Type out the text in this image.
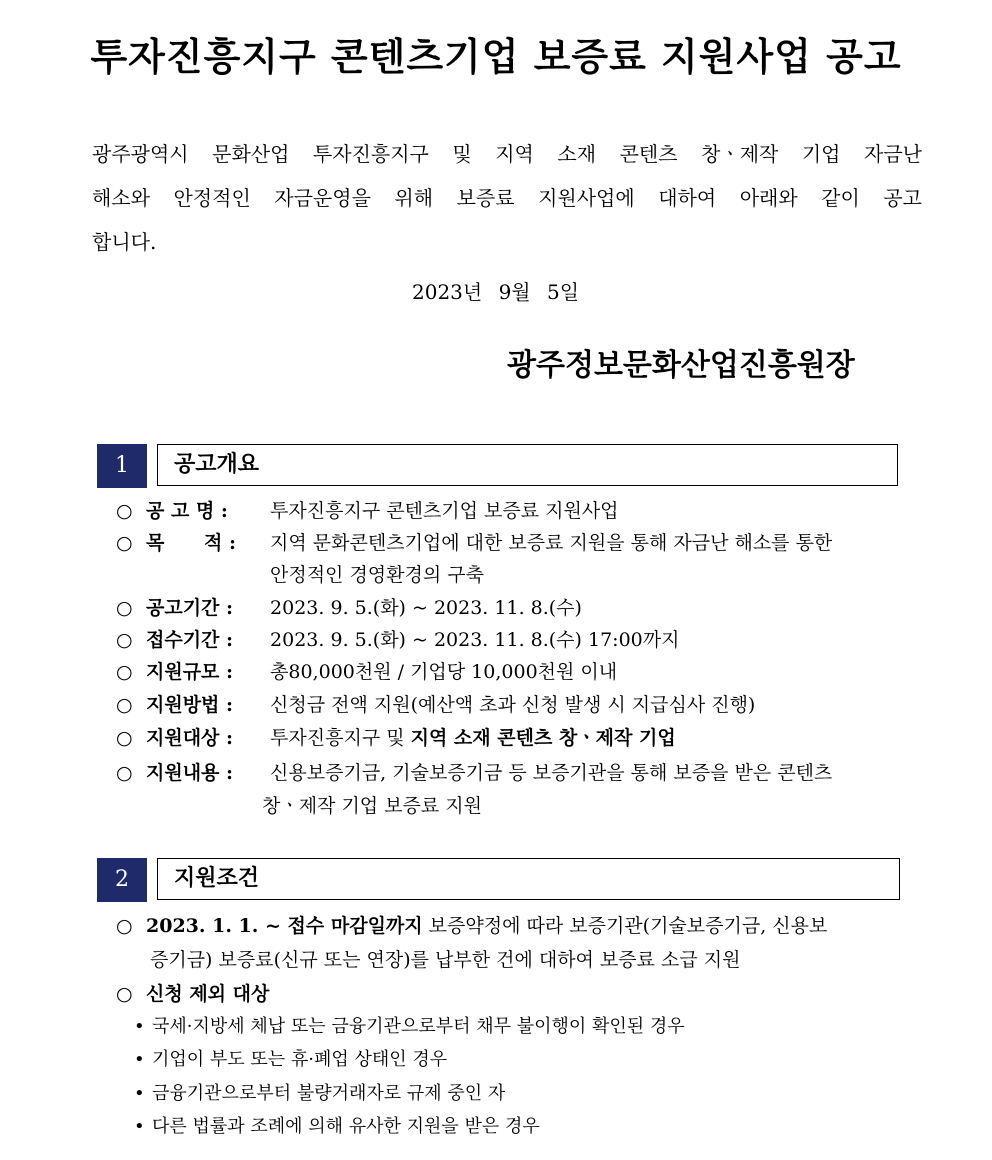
투자진흥지구 콘텐츠기업 보증료 지원사업 공고
광주광역시 문화산업 투자진흥지구 및 지역 소재 콘텐츠 창ㆍ제작 기업 자금난
해소와 안정적인 자금운영을 위해 보증료 지원사업에 대하여 아래와 같이 공고
합니다.
2023년 9월 5일
광주정보문화산업진흥원장
1	공고개요
○ 공 고 명 : 투자진흥지구 콘텐츠기업 보증료 지원사업
○ 목      적 : 지역 문화콘텐츠기업에 대한 보증료 지원을 통해 자금난 해소를 통한
안정적인 경영환경의 구축
○ 공고기간 : 2023. 9. 5.(화) ~ 2023. 11. 8.(수)
○ 접수기간 : 2023. 9. 5.(화) ~ 2023. 11. 8.(수) 17:00까지
○ 지원규모 : 총80,000천원 / 기업당 10,000천원 이내
○ 지원방법 : 신청금 전액 지원(예산액 초과 신청 발생 시 지급심사 진행)
○ 지원대상 : 투자진흥지구 및 지역 소재 콘텐츠 창ㆍ제작 기업
○ 지원내용 : 신용보증기금, 기술보증기금 등 보증기관을 통해 보증을 받은 콘텐츠
창ㆍ제작 기업 보증료 지원
2	지원조건
○ 2023. 1. 1. ~ 접수 마감일까지 보증약정에 따라 보증기관(기술보증기금, 신용보
증기금) 보증료(신규 또는 연장)를 납부한 건에 대하여 보증료 소급 지원
○ 신청 제외 대상
• 국세·지방세 체납 또는 금융기관으로부터 채무 불이행이 확인된 경우
• 기업이 부도 또는 휴·폐업 상태인 경우
• 금융기관으로부터 불량거래자로 규제 중인 자
• 다른 법률과 조례에 의해 유사한 지원을 받은 경우
